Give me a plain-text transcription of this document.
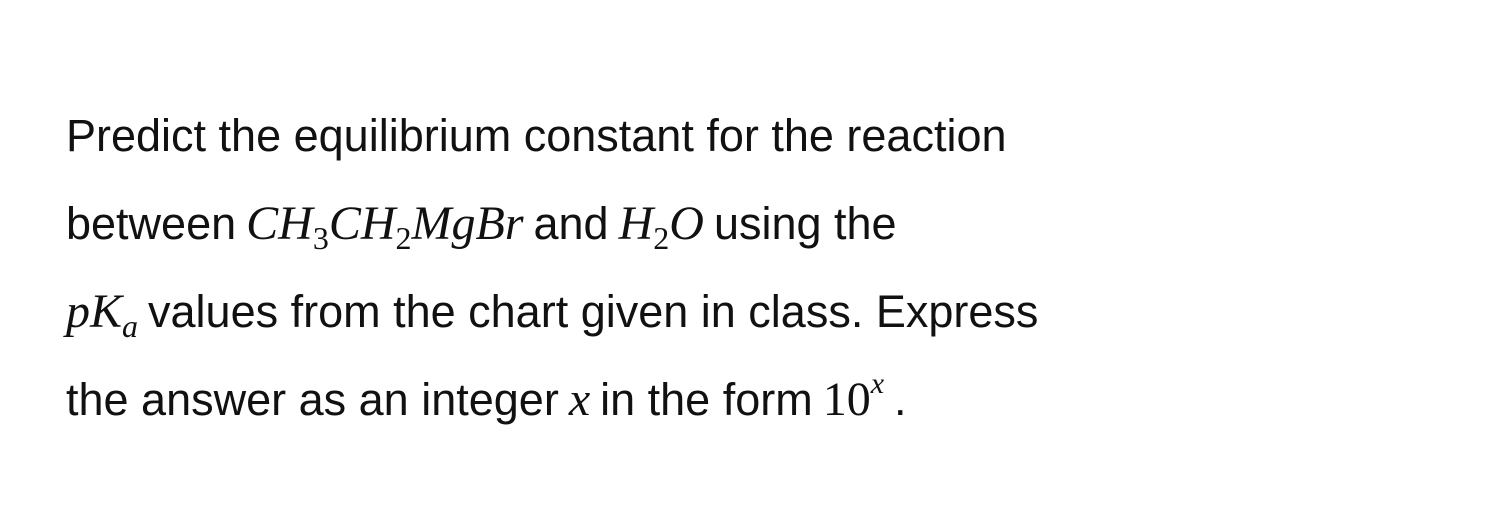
Predict the equilibrium constant for the reaction
between $CH_3CH_2MgBr$ and $H_2O$ using the
$pK_a$ values from the chart given in class. Express
the answer as an integer x in the form 10$^x$ .
